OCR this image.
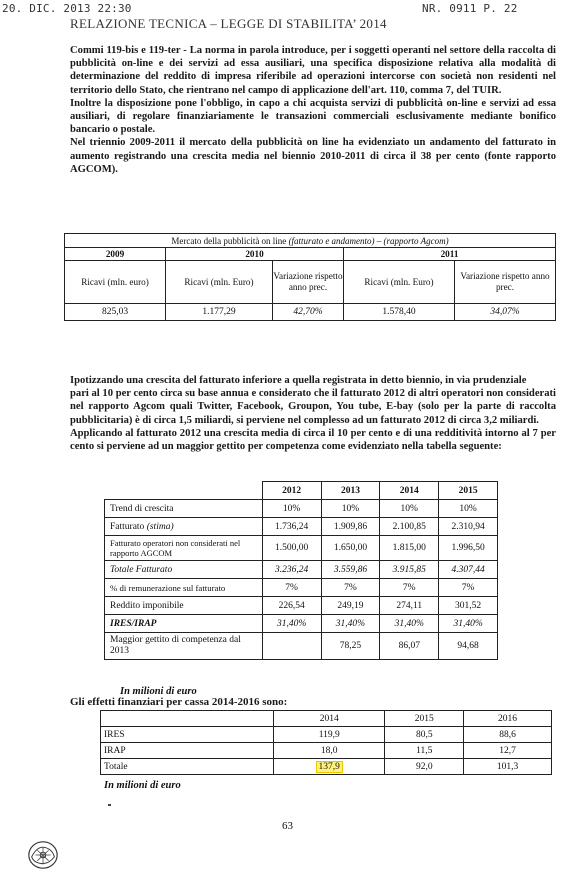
20. DIC. 2013 22:30	NR. 0911 P. 22
RELAZIONE TECNICA – LEGGE DI STABILITA’ 2014

Commi 119-bis e 119-ter - La norma in parola introduce, per i soggetti operanti nel settore della raccolta di pubblicità on-line e dei servizi ad essa ausiliari, una specifica disposizione relativa alla modalità di determinazione del reddito di impresa riferibile ad operazioni intercorse con società non residenti nel territorio dello Stato, che rientrano nel campo di applicazione dell'art. 110, comma 7, del TUIR.

Inoltre la disposizione pone l'obbligo, in capo a chi acquista servizi di pubblicità on-line e servizi ad essa ausiliari, di regolare finanziariamente le transazioni commerciali esclusivamente mediante bonifico bancario o postale.

Nel triennio 2009-2011 il mercato della pubblicità on line ha evidenziato un andamento del fatturato in aumento registrando una crescita media nel biennio 2010-2011 di circa il 38 per cento (fonte rapporto AGCOM).

Mercato della pubblicità on line (fatturato e andamento) – (rapporto Agcom)				
2009	2010		2011	
Ricavi (mln. euro)	Ricavi (mln. Euro)	Variazione rispetto anno prec.	Ricavi (mln. Euro)	Variazione rispetto anno prec.
825,03	1.177,29	42,70%	1.578,40	34,07%

Ipotizzando una crescita del fatturato inferiore a quella registrata in detto biennio, in via prudenziale

pari al 10 per cento circa su base annua e considerato che il fatturato 2012 di altri operatori non considerati nel rapporto Agcom quali Twitter, Facebook, Groupon, You tube, E-bay (solo per la parte di raccolta pubblicitaria) è di circa 1,5 miliardi, si perviene nel complesso ad un fatturato 2012 di circa 3,2 miliardi.

Applicando al fatturato 2012 una crescita media di circa il 10 per cento e di una redditività intorno al 7 per cento si perviene ad un maggior gettito per competenza come evidenziato nella tabella seguente:

	2012	2013	2014	2015
Trend di crescita	10%	10%	10%	10%
Fatturato (stima)	1.736,24	1.909,86	2.100,85	2.310,94
Fatturato operatori non considerati nel rapporto AGCOM	1.500,00	1.650,00	1.815,00	1.996,50
Totale Fatturato	3.236,24	3.559,86	3.915,85	4.307,44
% di remunerazione sul fatturato	7%	7%	7%	7%
Reddito imponibile	226,54	249,19	274,11	301,52
IRES/IRAP	31,40%	31,40%	31,40%	31,40%
Maggior gettito di competenza dal 2013		78,25	86,07	94,68
In milioni di euro
Gli effetti finanziari per cassa 2014-2016 sono:
	2014	2015	2016
IRES	119,9	80,5	88,6
IRAP	18,0	11,5	12,7
Totale	137,9	92,0	101,3
In milioni di euro
63
